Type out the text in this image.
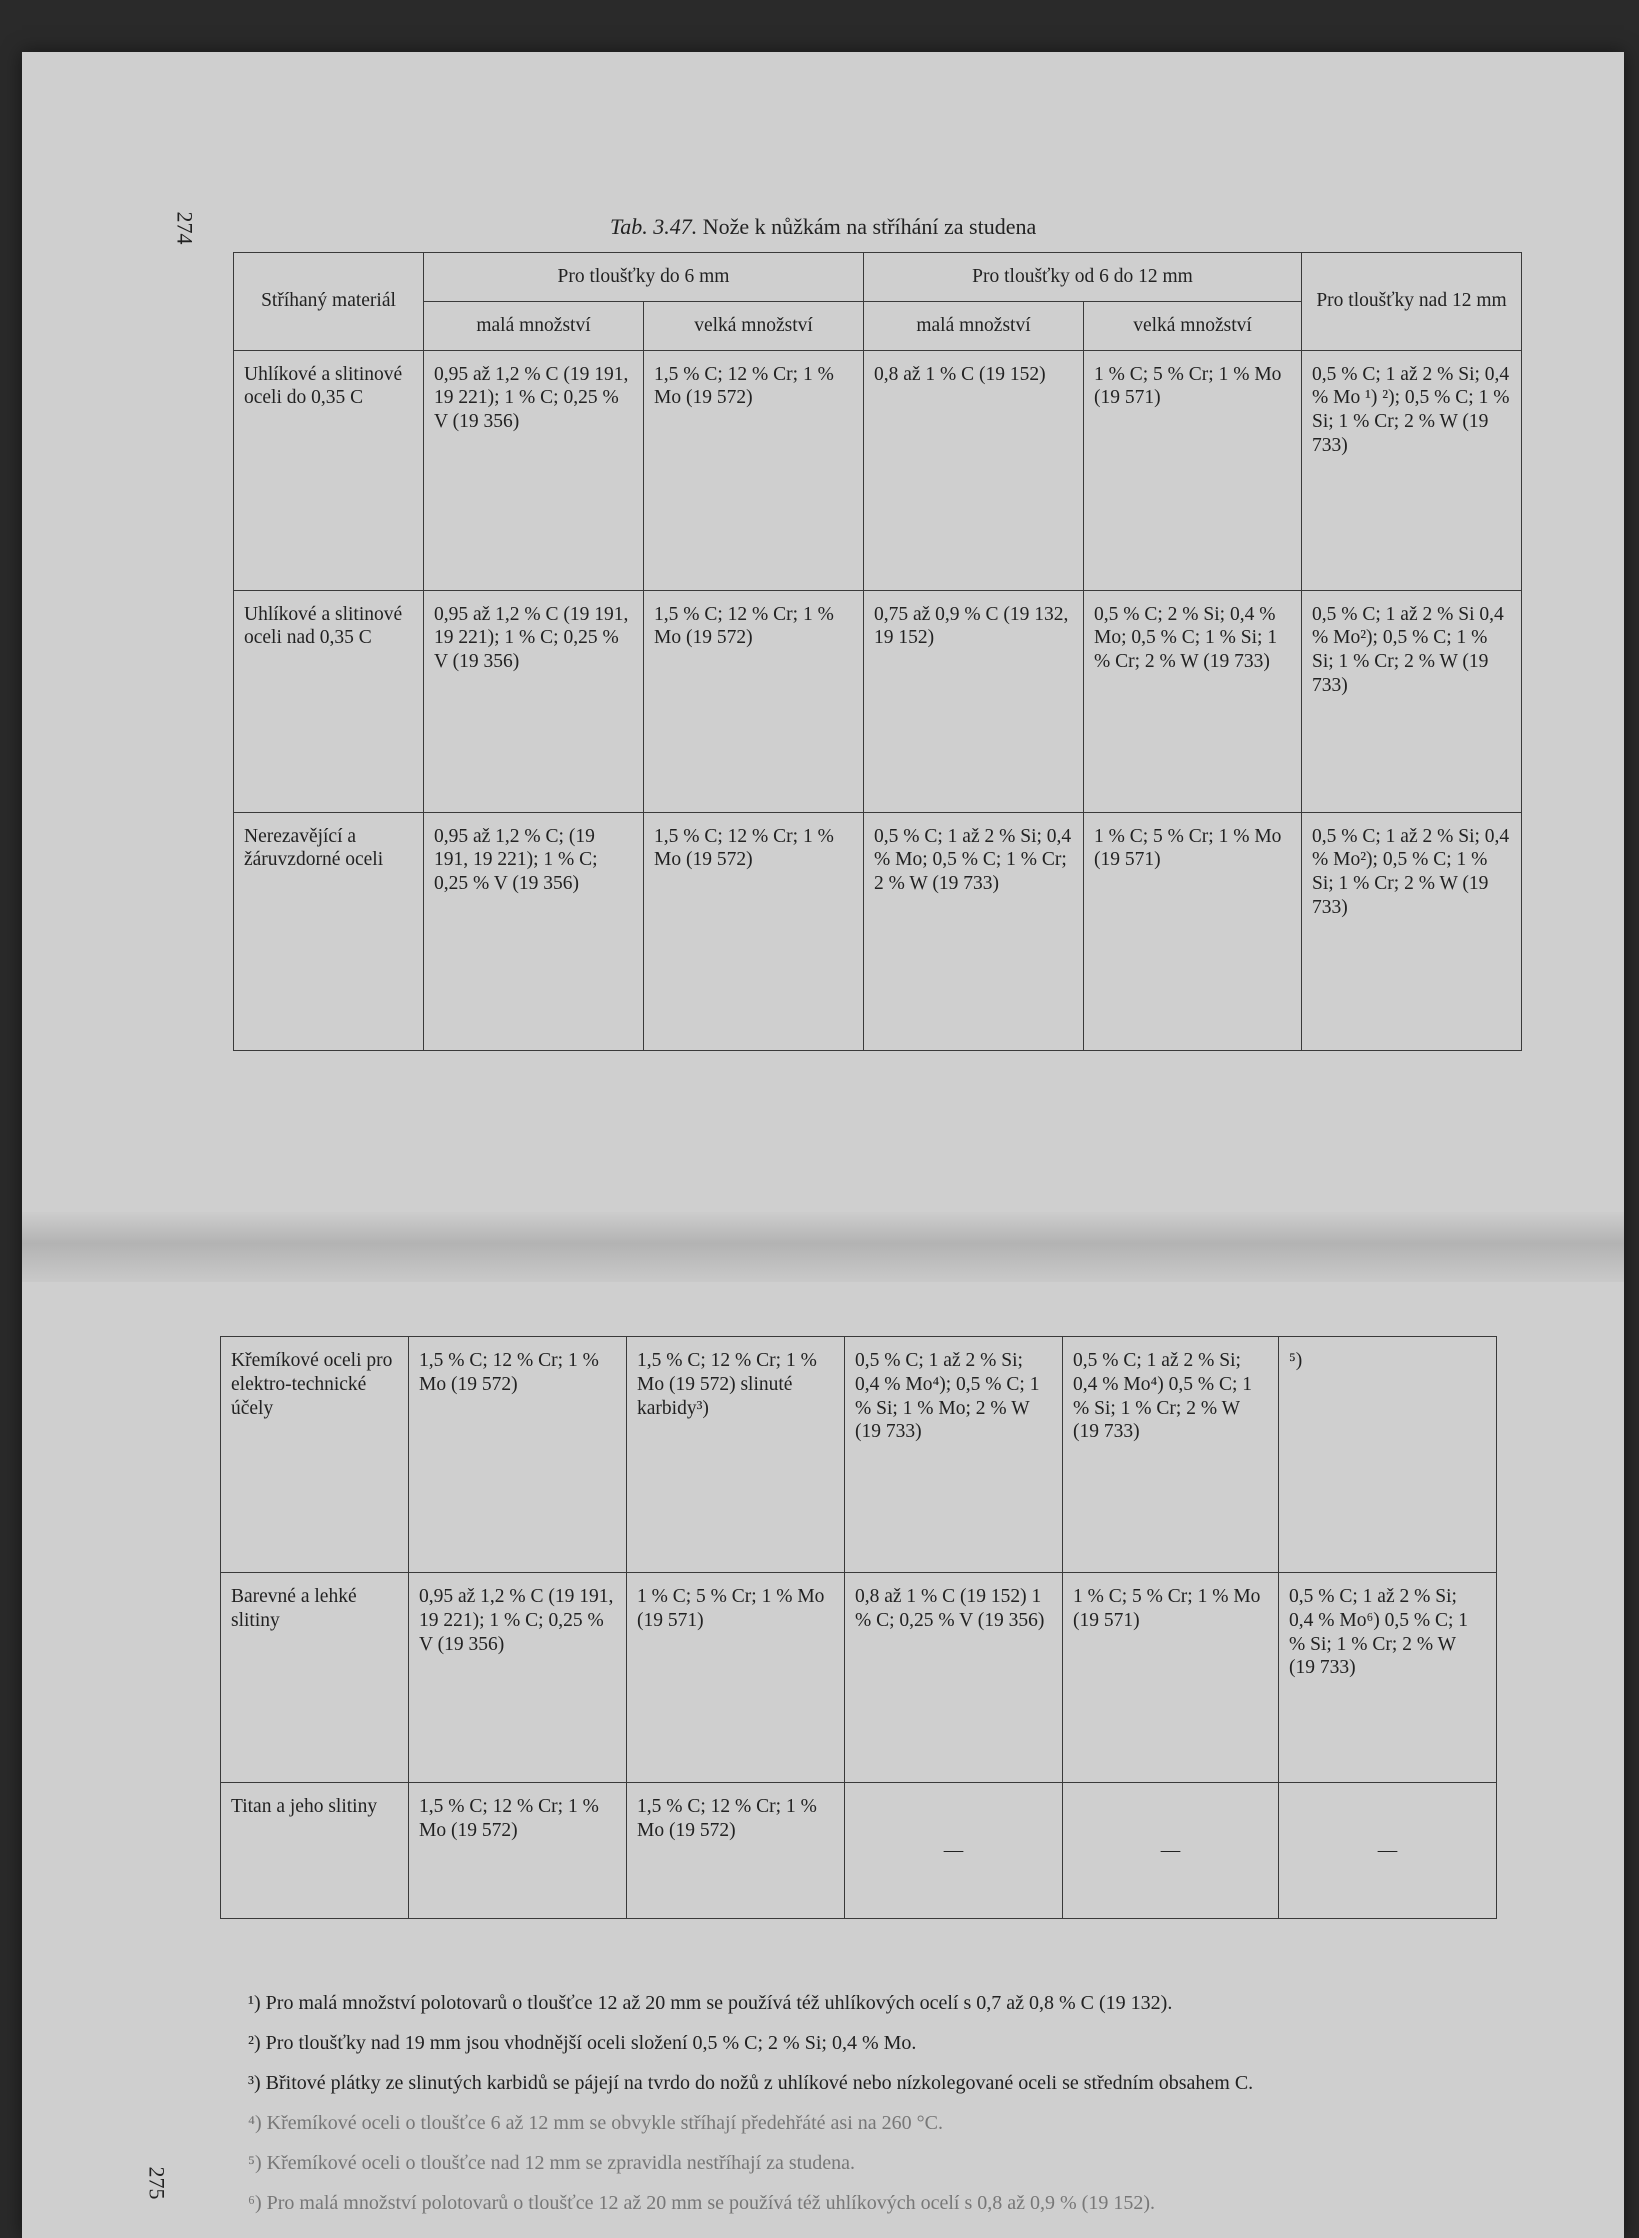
274	Tab. 3.47. Nože k nůžkám na stříhání za studena
Stříhaný materiál	Pro tloušťky do 6 mm		Pro tloušťky od 6 do 12 mm		Pro tloušťky nad 12 mm
	malá množství	velká množství	malá množství	velká množství	
Uhlíkové a slitinové oceli do 0,35 C	0,95 až 1,2 % C (19 191, 19 221); 1 % C; 0,25 % V (19 356)	1,5 % C; 12 % Cr; 1 % Mo (19 572)	0,8 až 1 % C (19 152)	1 % C; 5 % Cr; 1 % Mo (19 571)	0,5 % C; 1 až 2 % Si; 0,4 % Mo ¹) ²); 0,5 % C; 1 % Si; 1 % Cr; 2 % W (19 733)
Uhlíkové a slitinové oceli nad 0,35 C	0,95 až 1,2 % C (19 191, 19 221); 1 % C; 0,25 % V (19 356)	1,5 % C; 12 % Cr; 1 % Mo (19 572)	0,75 až 0,9 % C (19 132, 19 152)	0,5 % C; 2 % Si; 0,4 % Mo; 0,5 % C; 1 % Si; 1 % Cr; 2 % W (19 733)	0,5 % C; 1 až 2 % Si 0,4 % Mo²); 0,5 % C; 1 % Si; 1 % Cr; 2 % W (19 733)
Nerezavějící a žáruvzdorné oceli	0,95 až 1,2 % C; (19 191, 19 221); 1 % C; 0,25 % V (19 356)	1,5 % C; 12 % Cr; 1 % Mo (19 572)	0,5 % C; 1 až 2 % Si; 0,4 % Mo; 0,5 % C; 1 % Cr; 2 % W (19 733)	1 % C; 5 % Cr; 1 % Mo (19 571)	0,5 % C; 1 až 2 % Si; 0,4 % Mo²); 0,5 % C; 1 % Si; 1 % Cr; 2 % W (19 733)
Křemíkové oceli pro elektro-technické účely	1,5 % C; 12 % Cr; 1 % Mo (19 572)	1,5 % C; 12 % Cr; 1 % Mo (19 572) slinuté karbidy³)	0,5 % C; 1 až 2 % Si; 0,4 % Mo⁴); 0,5 % C; 1 % Si; 1 % Mo; 2 % W (19 733)	0,5 % C; 1 až 2 % Si; 0,4 % Mo⁴) 0,5 % C; 1 % Si; 1 % Cr; 2 % W (19 733)	⁵)
Barevné a lehké slitiny	0,95 až 1,2 % C (19 191, 19 221); 1 % C; 0,25 % V (19 356)	1 % C; 5 % Cr; 1 % Mo (19 571)	0,8 až 1 % C (19 152) 1 % C; 0,25 % V (19 356)	1 % C; 5 % Cr; 1 % Mo (19 571)	0,5 % C; 1 až 2 % Si; 0,4 % Mo⁶) 0,5 % C; 1 % Si; 1 % Cr; 2 % W (19 733)
Titan a jeho slitiny	1,5 % C; 12 % Cr; 1 % Mo (19 572)	1,5 % C; 12 % Cr; 1 % Mo (19 572)	—	—	—

¹) Pro malá množství polotovarů o tloušťce 12 až 20 mm se používá též uhlíkových ocelí s 0,7 až 0,8 % C (19 132).

²) Pro tloušťky nad 19 mm jsou vhodnější oceli složení 0,5 % C; 2 % Si; 0,4 % Mo.

³) Břitové plátky ze slinutých karbidů se pájejí na tvrdo do nožů z uhlíkové nebo nízkolegované oceli se středním obsahem C.

⁴) Křemíkové oceli o tloušťce 6 až 12 mm se obvykle stříhají předehřáté asi na 260 °C.

⁵) Křemíkové oceli o tloušťce nad 12 mm se zpravidla nestříhají za studena.

⁶) Pro malá množství polotovarů o tloušťce 12 až 20 mm se používá též uhlíkových ocelí s 0,8 až 0,9 % (19 152).

275
